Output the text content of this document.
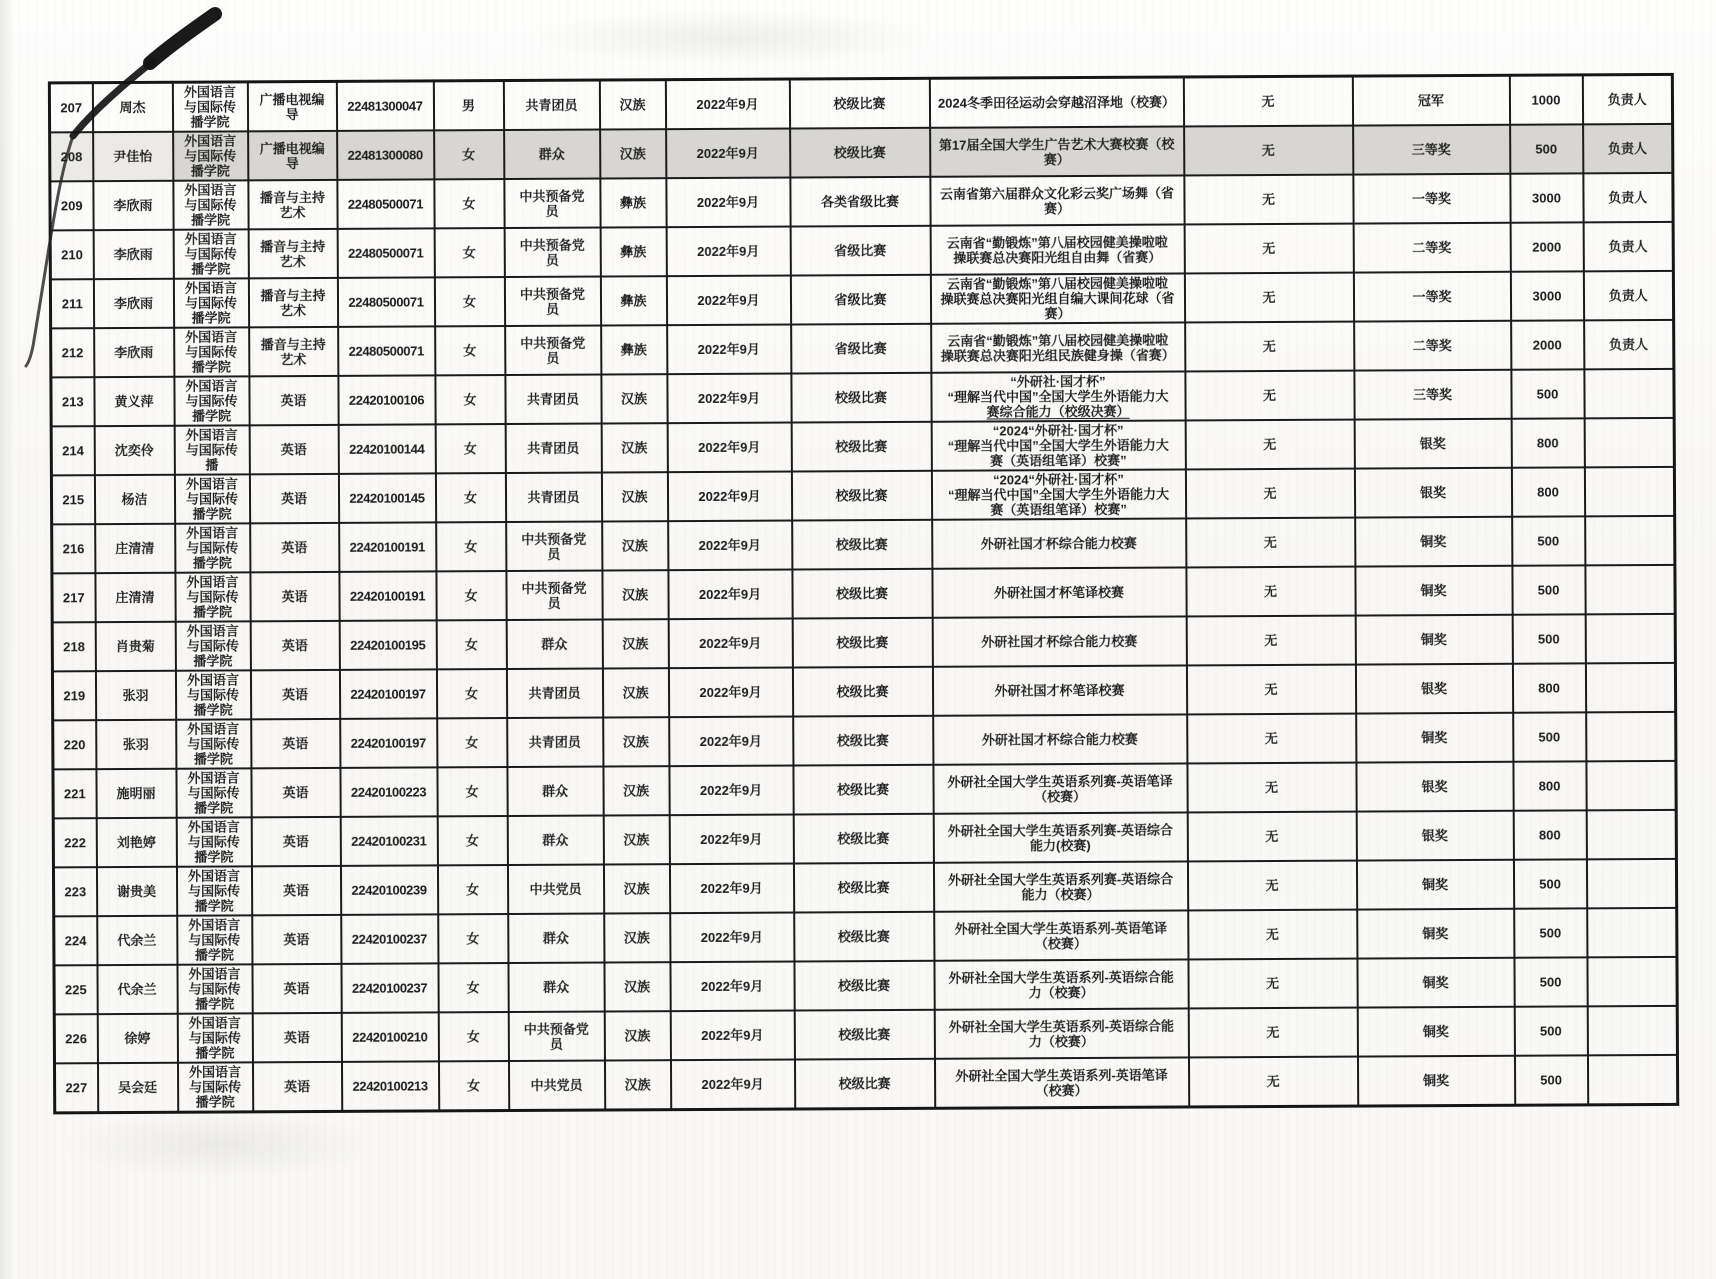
207	周杰	外国语言
与国际传
播学院	广播电视编
导	22481300047	男	共青团员	汉族	2022年9月	校级比赛	2024冬季田径运动会穿越沼泽地（校赛）	无	冠军	1000	负责人
208	尹佳怡	外国语言
与国际传
播学院	广播电视编
导	22481300080	女	群众	汉族	2022年9月	校级比赛	
第17届全国大学生广告艺术大赛校赛（校
赛）
	无	三等奖	500	负责人
209	李欣雨	外国语言
与国际传
播学院	播音与主持
艺术	22480500071	女	中共预备党
员	彝族	2022年9月	各类省级比赛	
云南省第六届群众文化彩云奖广场舞（省
赛）
	无	一等奖	3000	负责人
210	李欣雨	外国语言
与国际传
播学院	播音与主持
艺术	22480500071	女	中共预备党
员	彝族	2022年9月	省级比赛	
云南省“勤锻炼”第八届校园健美操啦啦
操联赛总决赛阳光组自由舞（省赛）
	无	二等奖	2000	负责人
211	李欣雨	外国语言
与国际传
播学院	播音与主持
艺术	22480500071	女	中共预备党
员	彝族	2022年9月	省级比赛	
云南省“勤锻炼”第八届校园健美操啦啦
操联赛总决赛阳光组自编大课间花球（省
赛）
	无	一等奖	3000	负责人
212	李欣雨	外国语言
与国际传
播学院	播音与主持
艺术	22480500071	女	中共预备党
员	彝族	2022年9月	省级比赛	
云南省“勤锻炼”第八届校园健美操啦啦
操联赛总决赛阳光组民族健身操（省赛）
	无	二等奖	2000	负责人
213	黄义萍	外国语言
与国际传
播学院	英语	22420100106	女	共青团员	汉族	2022年9月	校级比赛	
“外研社·国才杯”
“理解当代中国”全国大学生外语能力大
赛综合能力（校级决赛）
	无	三等奖	500	
214	沈奕伶	外国语言
与国际传
播	英语	22420100144	女	共青团员	汉族	2022年9月	校级比赛	
“2024“外研社·国才杯”
“理解当代中国”全国大学生外语能力大
赛（英语组笔译）校赛”
	无	银奖	800	
215	杨洁	外国语言
与国际传
播学院	英语	22420100145	女	共青团员	汉族	2022年9月	校级比赛	
“2024“外研社·国才杯”
“理解当代中国”全国大学生外语能力大
赛（英语组笔译）校赛”
	无	银奖	800	
216	庄清清	外国语言
与国际传
播学院	英语	22420100191	女	中共预备党
员	汉族	2022年9月	校级比赛	外研社国才杯综合能力校赛	无	铜奖	500	
217	庄清清	外国语言
与国际传
播学院	英语	22420100191	女	中共预备党
员	汉族	2022年9月	校级比赛	外研社国才杯笔译校赛	无	铜奖	500	
218	肖贵菊	外国语言
与国际传
播学院	英语	22420100195	女	群众	汉族	2022年9月	校级比赛	外研社国才杯综合能力校赛	无	铜奖	500	
219	张羽	外国语言
与国际传
播学院	英语	22420100197	女	共青团员	汉族	2022年9月	校级比赛	外研社国才杯笔译校赛	无	银奖	800	
220	张羽	外国语言
与国际传
播学院	英语	22420100197	女	共青团员	汉族	2022年9月	校级比赛	外研社国才杯综合能力校赛	无	铜奖	500	
221	施明丽	外国语言
与国际传
播学院	英语	22420100223	女	群众	汉族	2022年9月	校级比赛	
外研社全国大学生英语系列赛-英语笔译
（校赛）
	无	银奖	800	
222	刘艳婷	外国语言
与国际传
播学院	英语	22420100231	女	群众	汉族	2022年9月	校级比赛	
外研社全国大学生英语系列赛-英语综合
能力(校赛)
	无	银奖	800	
223	谢贵美	外国语言
与国际传
播学院	英语	22420100239	女	中共党员	汉族	2022年9月	校级比赛	
外研社全国大学生英语系列赛-英语综合
能力（校赛）
	无	铜奖	500	
224	代余兰	外国语言
与国际传
播学院	英语	22420100237	女	群众	汉族	2022年9月	校级比赛	
外研社全国大学生英语系列-英语笔译
（校赛）
	无	铜奖	500	
225	代余兰	外国语言
与国际传
播学院	英语	22420100237	女	群众	汉族	2022年9月	校级比赛	
外研社全国大学生英语系列-英语综合能
力（校赛）
	无	铜奖	500	
226	徐婷	外国语言
与国际传
播学院	英语	22420100210	女	中共预备党
员	汉族	2022年9月	校级比赛	
外研社全国大学生英语系列-英语综合能
力（校赛）
	无	铜奖	500	
227	吴会廷	外国语言
与国际传
播学院	英语	22420100213	女	中共党员	汉族	2022年9月	校级比赛	
外研社全国大学生英语系列-英语笔译
（校赛）
	无	铜奖	500	
